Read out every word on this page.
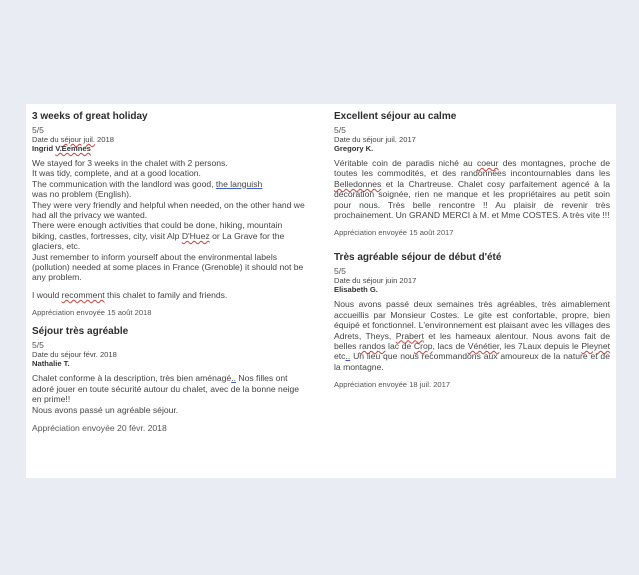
3 weeks of great holiday
5/5
Date du séjour juil. 2018
Ingrid V.Eemnes

We stayed for 3 weeks in the chalet with 2 persons.

It was tidy, complete, and at a good location.

The communication with the landlord was good, the languish

was no problem (English).

They were very friendly and helpful when needed, on the other hand we had all the privacy we wanted.

There were enough activities that could be done, hiking, mountain biking, castles, fortresses, city, visit Alp D'Huez or La Grave for the glaciers, etc.

Just remember to inform yourself about the environmental labels (pollution) needed at some places in France (Grenoble) it should not be any problem.

I would recomment this chalet to family and friends.

Appréciation envoyée 15 août 2018
Séjour très agréable
5/5
Date du séjour févr. 2018
Nathalie T.

Chalet conforme à la description, très bien aménagé.. Nos filles ont adoré jouer en toute sécurité autour du chalet, avec de la bonne neige en prime!!

Nous avons passé un agréable séjour.

Appréciation envoyée 20 févr. 2018
Excellent séjour au calme
5/5
Date du séjour juil. 2017
Gregory K.

Véritable coin de paradis niché au coeur des montagnes, proche de toutes les commodités, et des randonnées incontournables dans les Belledonnes et la Chartreuse. Chalet cosy parfaitement agencé à la décoration soignée, rien ne manque et les propriétaires au petit soin pour nous. Très belle rencontre !! Au plaisir de revenir très prochainement. Un GRAND MERCI à M. et Mme COSTES. A très vite !!!

Appréciation envoyée 15 août 2017
Très agréable séjour de début d'été
5/5
Date du séjour juin 2017
Elisabeth G.

Nous avons passé deux semaines très agréables, très aimablement accueillis par Monsieur Costes. Le gite est confortable, propre, bien équipé et fonctionnel. L'environnement est plaisant avec les villages des Adrets, Theys, Prabert et les hameaux alentour. Nous avons fait de belles randos lac de Crop, lacs de Vénétier, les 7Laux depuis le Pleynet etc.. Un lieu que nous recommandons aux amoureux de la nature et de la montagne.

Appréciation envoyée 18 juil. 2017
